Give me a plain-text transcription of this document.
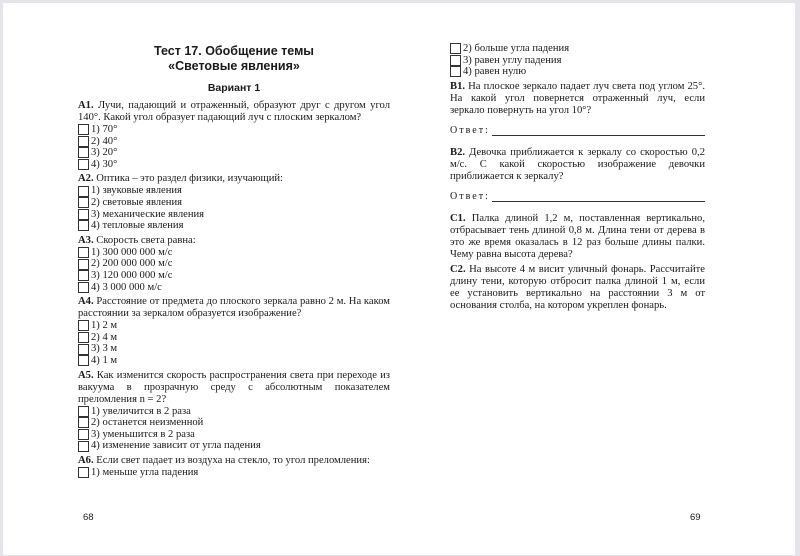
Тест 17. Обобщение темы
«Световые явления»
Вариант 1
A1. Лучи, падающий и отраженный, образуют друг с другом угол 140°. Какой угол образует падающий луч с плоским зеркалом?
1) 70°
2) 40°
3) 20°
4) 30°
A2. Оптика – это раздел физики, изучающий:
1) звуковые явления
2) световые явления
3) механические явления
4) тепловые явления
A3. Скорость света равна:
1) 300 000 000 м/с
2) 200 000 000 м/с
3) 120 000 000 м/с
4) 3 000 000 м/с
A4. Расстояние от предмета до плоского зеркала равно 2 м. На каком расстоянии за зеркалом образуется изображение?
1) 2 м
2) 4 м
3) 3 м
4) 1 м
A5. Как изменится скорость распространения света при переходе из вакуума в прозрачную среду с абсолютным показателем преломления n = 2?
1) увеличится в 2 раза
2) останется неизменной
3) уменьшится в 2 раза
4) изменение зависит от угла падения
A6. Если свет падает из воздуха на стекло, то угол преломления:
1) меньше угла падения
68
2) больше угла падения
3) равен углу падения
4) равен нулю
B1. На плоское зеркало падает луч света под углом 25°. На какой угол повернется отраженный луч, если зеркало повернуть на угол 10°?
Ответ:
B2. Девочка приближается к зеркалу со скоростью 0,2 м/с. С какой скоростью изображение девочки приближается к зеркалу?
Ответ:
C1. Палка длиной 1,2 м, поставленная вертикально, отбрасывает тень длиной 0,8 м. Длина тени от дерева в это же время оказалась в 12 раз больше длины палки. Чему равна высота дерева?
C2. На высоте 4 м висит уличный фонарь. Рассчитайте длину тени, которую отбросит палка длиной 1 м, если ее установить вертикально на расстоянии 3 м от основания столба, на котором укреплен фонарь.
69
